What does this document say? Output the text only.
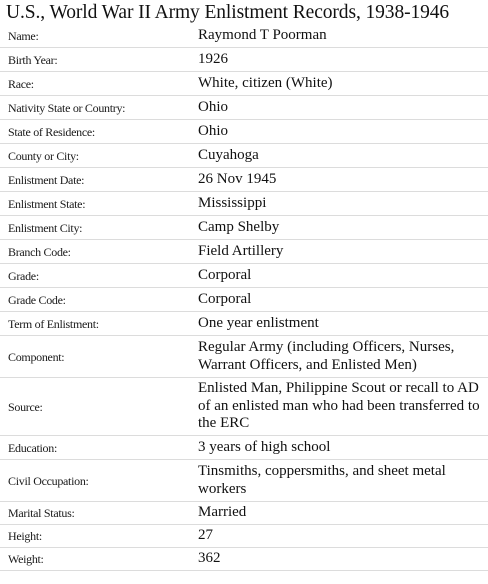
U.S., World War II Army Enlistment Records, 1938-1946
Name:	Raymond T Poorman
Birth Year:	1926
Race:	White, citizen (White)
Nativity State or Country:	Ohio
State of Residence:	Ohio
County or City:	Cuyahoga
Enlistment Date:	26 Nov 1945
Enlistment State:	Mississippi
Enlistment City:	Camp Shelby
Branch Code:	Field Artillery
Grade:	Corporal
Grade Code:	Corporal
Term of Enlistment:	One year enlistment
Component:
Regular Army (including Officers, Nurses, Warrant Officers, and Enlisted Men)
Source:
Enlisted Man, Philippine Scout or recall to AD of an enlisted man who had been transferred to the ERC
Education:	3 years of high school
Civil Occupation:
Tinsmiths, coppersmiths, and sheet metal workers
Marital Status:	Married
Height:	27
Weight:	362
